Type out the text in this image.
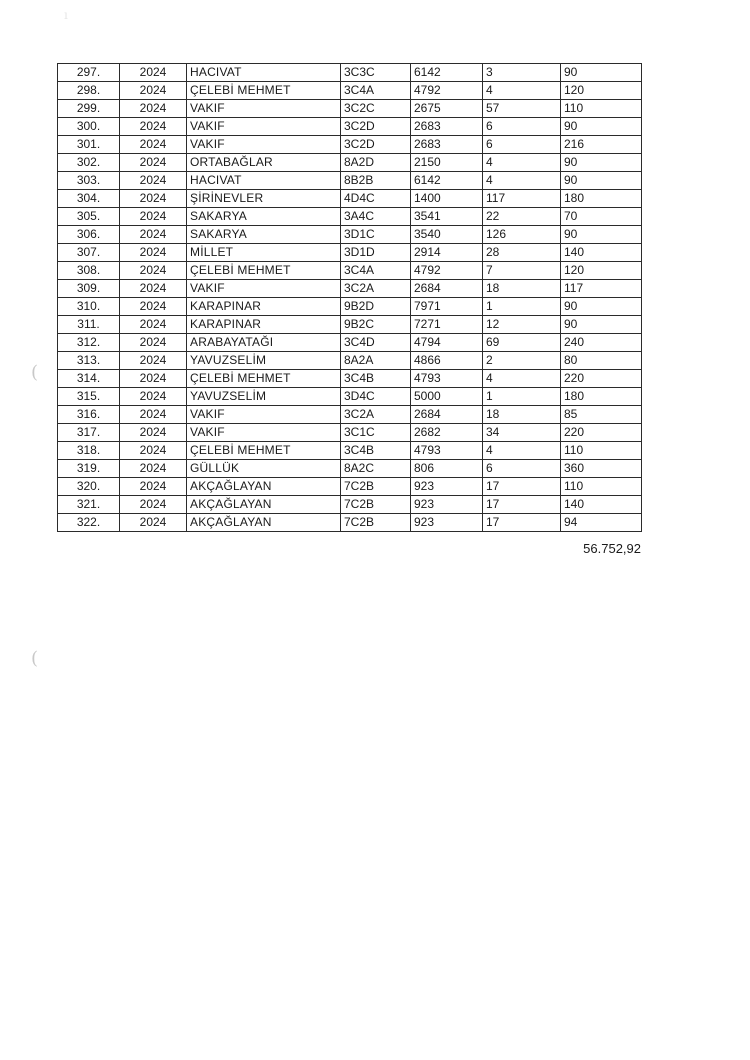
ı
(
(
297.	2024	HACIVAT	3C3C	6142	3	90
298.	2024	ÇELEBİ MEHMET	3C4A	4792	4	120
299.	2024	VAKIF	3C2C	2675	57	110
300.	2024	VAKIF	3C2D	2683	6	90
301.	2024	VAKIF	3C2D	2683	6	216
302.	2024	ORTABAĞLAR	8A2D	2150	4	90
303.	2024	HACIVAT	8B2B	6142	4	90
304.	2024	ŞİRİNEVLER	4D4C	1400	117	180
305.	2024	SAKARYA	3A4C	3541	22	70
306.	2024	SAKARYA	3D1C	3540	126	90
307.	2024	MİLLET	3D1D	2914	28	140
308.	2024	ÇELEBİ MEHMET	3C4A	4792	7	120
309.	2024	VAKIF	3C2A	2684	18	117
310.	2024	KARAPINAR	9B2D	7971	1	90
311.	2024	KARAPINAR	9B2C	7271	12	90
312.	2024	ARABAYATAĞI	3C4D	4794	69	240
313.	2024	YAVUZSELİM	8A2A	4866	2	80
314.	2024	ÇELEBİ MEHMET	3C4B	4793	4	220
315.	2024	YAVUZSELİM	3D4C	5000	1	180
316.	2024	VAKIF	3C2A	2684	18	85
317.	2024	VAKIF	3C1C	2682	34	220
318.	2024	ÇELEBİ MEHMET	3C4B	4793	4	110
319.	2024	GÜLLÜK	8A2C	806	6	360
320.	2024	AKÇAĞLAYAN	7C2B	923	17	110
321.	2024	AKÇAĞLAYAN	7C2B	923	17	140
322.	2024	AKÇAĞLAYAN	7C2B	923	17	94
56.752,92
